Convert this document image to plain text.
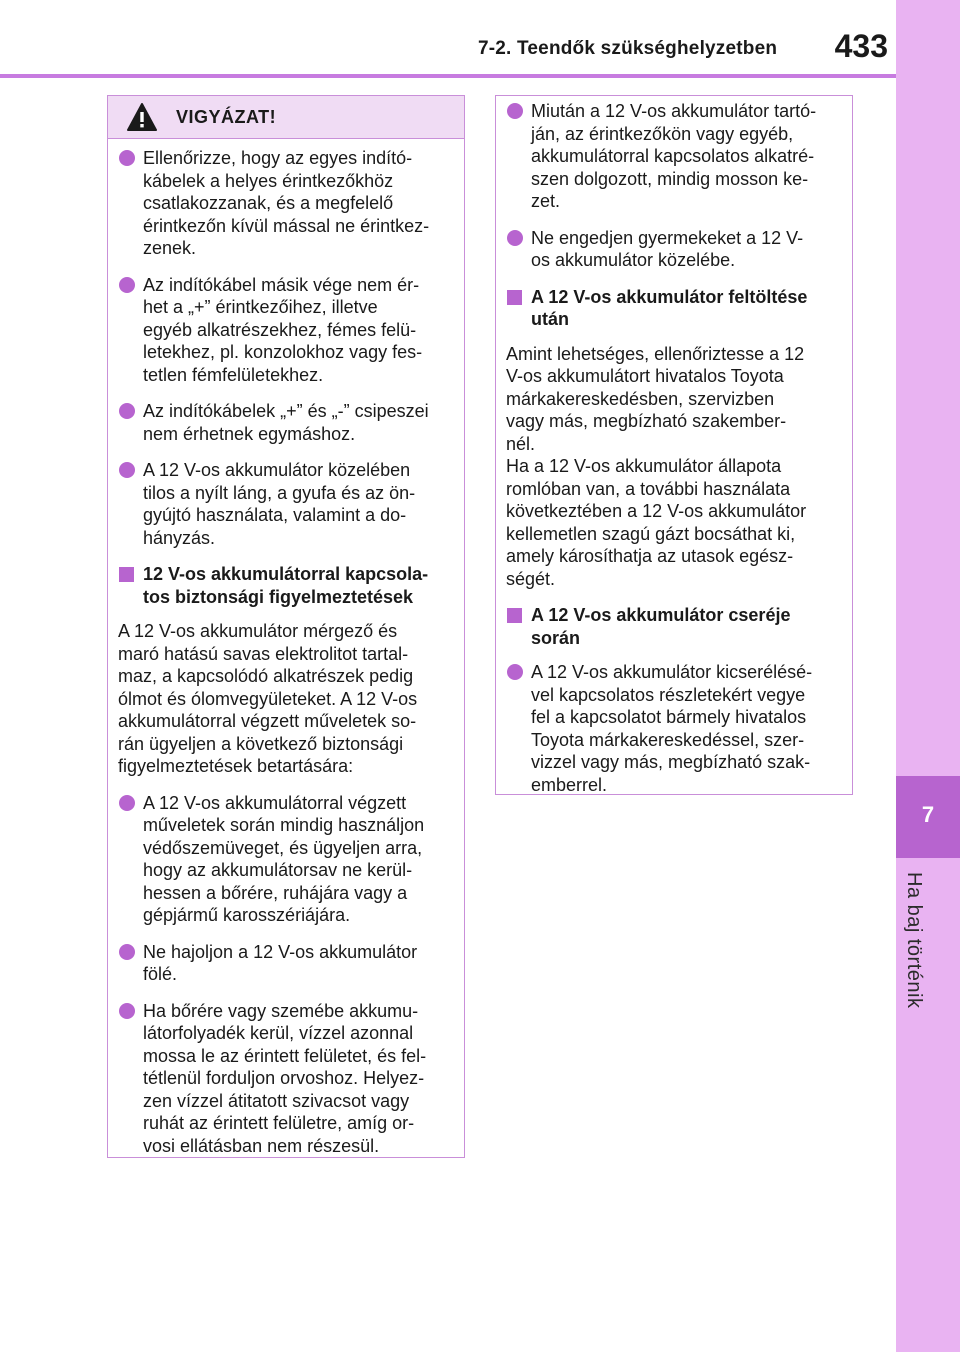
7-2. Teendők szükséghelyzetben	433
7
Ha baj történik
VIGYÁZAT!
Ellenőrizze, hogy az egyes indító-
kábelek a helyes érintkezőkhöz
csatlakozzanak, és a megfelelő
érintkezőn kívül mással ne érintkez-
zenek.
Az indítókábel másik vége nem ér-
het a „+” érintkezőihez, illetve
egyéb alkatrészekhez, fémes felü-
letekhez, pl. konzolokhoz vagy fes-
tetlen fémfelületekhez.
Az indítókábelek „+” és „-” csipeszei
nem érhetnek egymáshoz.
A 12 V-os akkumulátor közelében
tilos a nyílt láng, a gyufa és az ön-
gyújtó használata, valamint a do-
hányzás.
12 V-os akkumulátorral kapcsola-
tos biztonsági figyelmeztetések
A 12 V-os akkumulátor mérgező és
maró hatású savas elektrolitot tartal-
maz, a kapcsolódó alkatrészek pedig
ólmot és ólomvegyületeket. A 12 V-os
akkumulátorral végzett műveletek so-
rán ügyeljen a következő biztonsági
figyelmeztetések betartására:
A 12 V-os akkumulátorral végzett
műveletek során mindig használjon
védőszemüveget, és ügyeljen arra,
hogy az akkumulátorsav ne kerül-
hessen a bőrére, ruhájára vagy a
gépjármű karosszériájára.
Ne hajoljon a 12 V-os akkumulátor
fölé.
Ha bőrére vagy szemébe akkumu-
látorfolyadék kerül, vízzel azonnal
mossa le az érintett felületet, és fel-
tétlenül forduljon orvoshoz. Helyez-
zen vízzel átitatott szivacsot vagy
ruhát az érintett felületre, amíg or-
vosi ellátásban nem részesül.
Miután a 12 V-os akkumulátor tartó-
ján, az érintkezőkön vagy egyéb,
akkumulátorral kapcsolatos alkatré-
szen dolgozott, mindig mosson ke-
zet.
Ne engedjen gyermekeket a 12 V-
os akkumulátor közelébe.
A 12 V-os akkumulátor feltöltése
után
Amint lehetséges, ellenőriztesse a 12
V-os akkumulátort hivatalos Toyota
márkakereskedésben, szervizben
vagy más, megbízható szakember-
nél.
Ha a 12 V-os akkumulátor állapota
romlóban van, a további használata
következtében a 12 V-os akkumulátor
kellemetlen szagú gázt bocsáthat ki,
amely károsíthatja az utasok egész-
ségét.
A 12 V-os akkumulátor cseréje
során
A 12 V-os akkumulátor kicserélésé-
vel kapcsolatos részletekért vegye
fel a kapcsolatot bármely hivatalos
Toyota márkakereskedéssel, szer-
vizzel vagy más, megbízható szak-
emberrel.
